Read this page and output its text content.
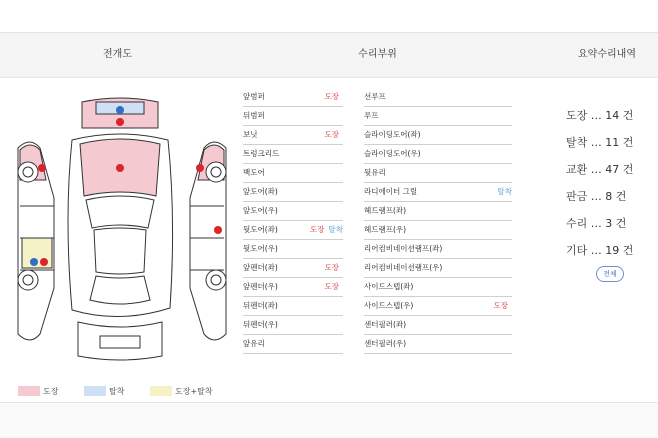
전개도	수리부위	요약수리내역
도장	탈착	도장+탈착
앞범퍼	도장
뒤범퍼
보닛	도장
트렁크리드
백도어
앞도어(좌)
앞도어(우)
뒷도어(좌)	도장 탈착
뒷도어(우)
앞펜더(좌)	도장
앞펜더(우)	도장
뒤펜더(좌)
뒤펜더(우)
앞유리
선루프
루프
슬라이딩도어(좌)
슬라이딩도어(우)
뒷유리
라디에이터 그릴	탈착
헤드램프(좌)
헤드램프(우)
리어컴비네이션램프(좌)
리어컴비네이션램프(우)
사이드스텝(좌)
사이드스텝(우)	도장
센터필러(좌)
센터필러(우)
도장 … 14 건
탈착 … 11 건
교환 … 47 건
판금 … 8 건
수리 … 3 건
기타 … 19 건
전체
